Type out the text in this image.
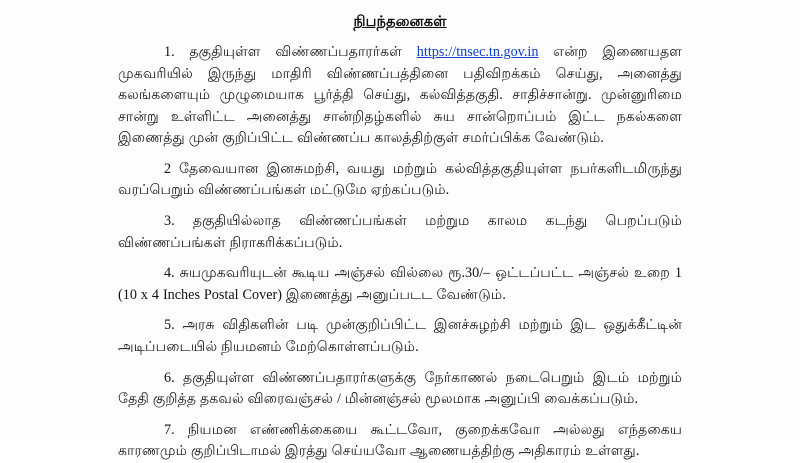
நிபந்தனைகள்

1. தகுதியுள்ள விண்ணப்பதாரர்கள் https://tnsec.tn.gov.in என்ற இணையதள முகவரியில் இருந்து மாதிரி விண்ணப்பத்தினை பதிவிறக்கம் செய்து, அனைத்து கலங்களையும் முழுமையாக பூர்த்தி செய்து, கல்வித்தகுதி. சாதிச்சான்று. முன்னுரிமை சான்று உள்ளிட்ட அனைத்து சான்றிதழ்களில் சுய சான்றொப்பம் இட்ட நகல்களை இணைத்து முன் குறிப்பிட்ட விண்ணப்ப காலத்திற்குள் சமர்ப்பிக்க வேண்டும்.

2 தேவையான இனசுமற்சி, வயது மற்றும் கல்வித்தகுதியுள்ள நபர்களிடமிருந்து வரப்பெறும் விண்ணப்பங்கள் மட்டுமே ஏற்கப்படும்.

3. தகுதியில்லாத விண்ணப்பங்கள் மற்றும காலம கடந்து பெறப்படும் விண்ணப்பங்கள் நிராகரிக்கப்படும்.

4. சுயமுகவரியுடன் கூடிய அஞ்சல் வில்லை ரூ.30/– ஒட்டப்பட்ட அஞ்சல் உறை 1 (10 x 4 Inches Postal Cover) இணைத்து அனுப்படட வேண்டும்.

5. அரசு விதிகளின் படி முன்குறிப்பிட்ட இனச்சுழற்சி மற்றும் இட ஒதுக்கீட்டின் அடிப்படையில் நியமனம் மேற்கொள்ளப்படும்.

6. தகுதியுள்ள விண்ணப்பதாரர்களுக்கு நேர்காணல் நடைபெறும் இடம் மற்றும் தேதி குறித்த தகவல் விரைவஞ்சல் / மின்னஞ்சல் மூலமாக அனுப்பி வைக்கப்படும்.

7. நியமன எண்ணிக்கையை கூட்டவோ, குறைக்கவோ அல்லது எந்தகைய காரணமும் குறிப்பிடாமல் இரத்து செய்யவோ ஆணையத்திற்கு அதிகாரம் உள்ளது.
